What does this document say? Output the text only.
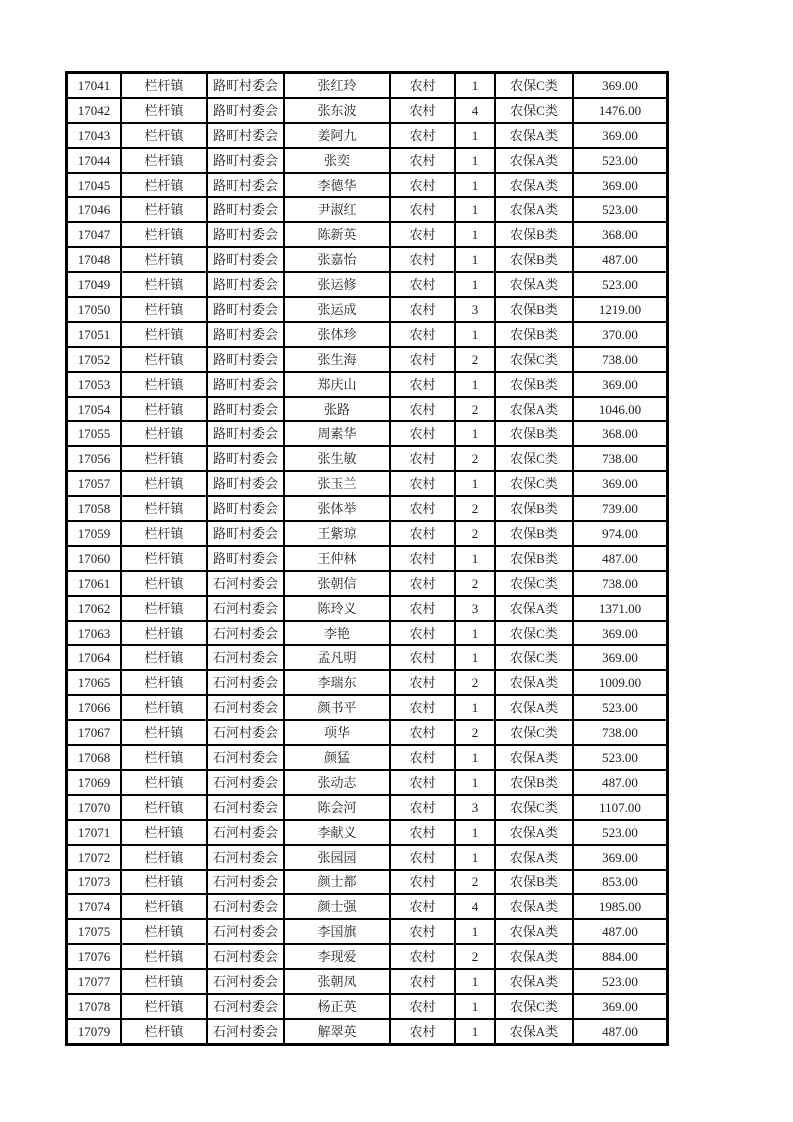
17041	栏杆镇	路町村委会	张红玲	农村	1	农保C类	369.00
17042	栏杆镇	路町村委会	张东波	农村	4	农保C类	1476.00
17043	栏杆镇	路町村委会	姜阿九	农村	1	农保A类	369.00
17044	栏杆镇	路町村委会	张奕	农村	1	农保A类	523.00
17045	栏杆镇	路町村委会	李德华	农村	1	农保A类	369.00
17046	栏杆镇	路町村委会	尹淑红	农村	1	农保A类	523.00
17047	栏杆镇	路町村委会	陈新英	农村	1	农保B类	368.00
17048	栏杆镇	路町村委会	张嘉怡	农村	1	农保B类	487.00
17049	栏杆镇	路町村委会	张运修	农村	1	农保A类	523.00
17050	栏杆镇	路町村委会	张运成	农村	3	农保B类	1219.00
17051	栏杆镇	路町村委会	张体珍	农村	1	农保B类	370.00
17052	栏杆镇	路町村委会	张生海	农村	2	农保C类	738.00
17053	栏杆镇	路町村委会	郑庆山	农村	1	农保B类	369.00
17054	栏杆镇	路町村委会	张路	农村	2	农保A类	1046.00
17055	栏杆镇	路町村委会	周素华	农村	1	农保B类	368.00
17056	栏杆镇	路町村委会	张生敏	农村	2	农保C类	738.00
17057	栏杆镇	路町村委会	张玉兰	农村	1	农保C类	369.00
17058	栏杆镇	路町村委会	张体举	农村	2	农保B类	739.00
17059	栏杆镇	路町村委会	王紫琼	农村	2	农保B类	974.00
17060	栏杆镇	路町村委会	王仲林	农村	1	农保B类	487.00
17061	栏杆镇	石河村委会	张朝信	农村	2	农保C类	738.00
17062	栏杆镇	石河村委会	陈玲义	农村	3	农保A类	1371.00
17063	栏杆镇	石河村委会	李艳	农村	1	农保C类	369.00
17064	栏杆镇	石河村委会	孟凡明	农村	1	农保C类	369.00
17065	栏杆镇	石河村委会	李瑞东	农村	2	农保A类	1009.00
17066	栏杆镇	石河村委会	颜书平	农村	1	农保A类	523.00
17067	栏杆镇	石河村委会	项华	农村	2	农保C类	738.00
17068	栏杆镇	石河村委会	颜猛	农村	1	农保A类	523.00
17069	栏杆镇	石河村委会	张动志	农村	1	农保B类	487.00
17070	栏杆镇	石河村委会	陈会河	农村	3	农保C类	1107.00
17071	栏杆镇	石河村委会	李献义	农村	1	农保A类	523.00
17072	栏杆镇	石河村委会	张园园	农村	1	农保A类	369.00
17073	栏杆镇	石河村委会	颜士都	农村	2	农保B类	853.00
17074	栏杆镇	石河村委会	颜士强	农村	4	农保A类	1985.00
17075	栏杆镇	石河村委会	李国旗	农村	1	农保A类	487.00
17076	栏杆镇	石河村委会	李现爱	农村	2	农保A类	884.00
17077	栏杆镇	石河村委会	张朝凤	农村	1	农保A类	523.00
17078	栏杆镇	石河村委会	杨正英	农村	1	农保C类	369.00
17079	栏杆镇	石河村委会	解翠英	农村	1	农保A类	487.00
